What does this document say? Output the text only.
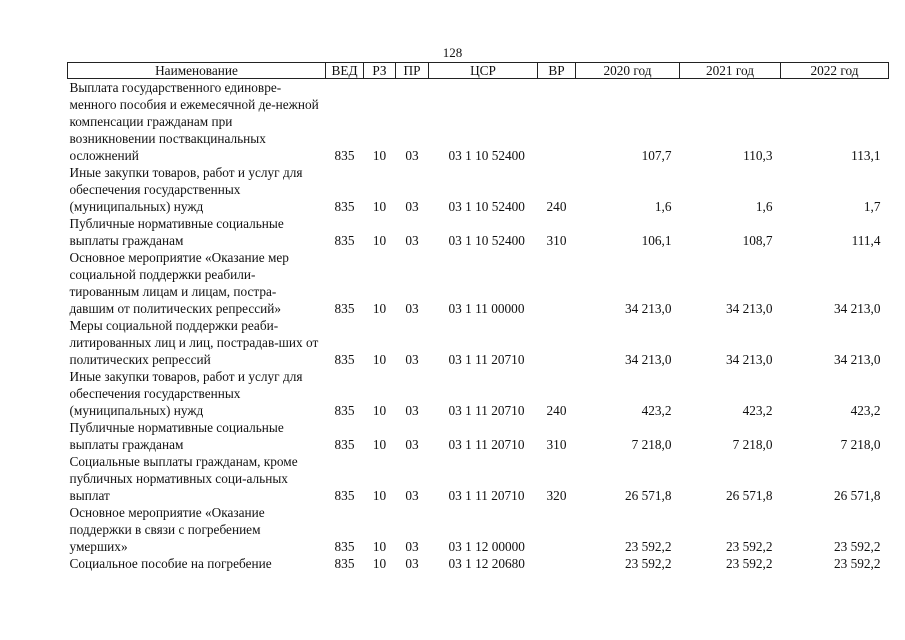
128
Наименование	ВЕД	РЗ	ПР	ЦСР	ВР	2020 год	2021 год	2022 год
Выплата государственного единовре-менного пособия и ежемесячной де-нежной компенсации гражданам при возникновении поствакцинальных осложнений	835	10	03	03 1 10 52400		107,7	110,3	113,1
Иные закупки товаров, работ и услуг для обеспечения государственных (муниципальных) нужд	835	10	03	03 1 10 52400	240	1,6	1,6	1,7
Публичные нормативные социальные выплаты гражданам	835	10	03	03 1 10 52400	310	106,1	108,7	111,4
Основное мероприятие «Оказание мер социальной поддержки реабили-тированным лицам и лицам, постра-давшим от политических репрессий»	835	10	03	03 1 11 00000		34 213,0	34 213,0	34 213,0
Меры социальной поддержки реаби-литированных лиц и лиц, пострадав-ших от политических репрессий	835	10	03	03 1 11 20710		34 213,0	34 213,0	34 213,0
Иные закупки товаров, работ и услуг для обеспечения государственных (муниципальных) нужд	835	10	03	03 1 11 20710	240	423,2	423,2	423,2
Публичные нормативные социальные выплаты гражданам	835	10	03	03 1 11 20710	310	7 218,0	7 218,0	7 218,0
Социальные выплаты гражданам, кроме публичных нормативных соци-альных выплат	835	10	03	03 1 11 20710	320	26 571,8	26 571,8	26 571,8
Основное мероприятие «Оказание поддержки в связи с погребением умерших»	835	10	03	03 1 12 00000		23 592,2	23 592,2	23 592,2
Социальное пособие на погребение	835	10	03	03 1 12 20680		23 592,2	23 592,2	23 592,2
